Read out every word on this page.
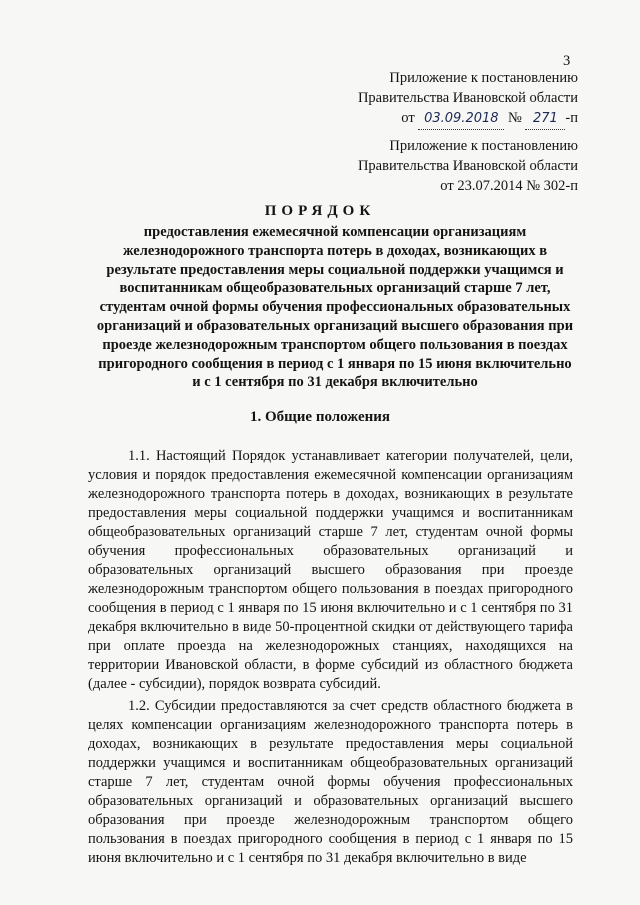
3
Приложение к постановлению
Правительства Ивановской области
от 03.09.2018 № 271 -п
Приложение к постановлению
Правительства Ивановской области
от 23.07.2014 № 302-п
ПОРЯДОК
предоставления ежемесячной компенсации организациям железнодорожного транспорта потерь в доходах, возникающих в результате предоставления меры социальной поддержки учащимся и воспитанникам общеобразовательных организаций старше 7 лет, студентам очной формы обучения профессиональных образовательных организаций и образовательных организаций высшего образования при проезде железнодорожным транспортом общего пользования в поездах пригородного сообщения в период с 1 января по 15 июня включительно и с 1 сентября по 31 декабря включительно
1. Общие положения

1.1. Настоящий Порядок устанавливает категории получателей, цели, условия и порядок предоставления ежемесячной компенсации организациям железнодорожного транспорта потерь в доходах, возникающих в результате предоставления меры социальной поддержки учащимся и воспитанникам общеобразовательных организаций старше 7 лет, студентам очной формы обучения профессиональных образовательных организаций и образовательных организаций высшего образования при проезде железнодорожным транспортом общего пользования в поездах пригородного сообщения в период с 1 января по 15 июня включительно и с 1 сентября по 31 декабря включительно в виде 50-процентной скидки от действующего тарифа при оплате проезда на железнодорожных станциях, находящихся на территории Ивановской области, в форме субсидий из областного бюджета (далее - субсидии), порядок возврата субсидий.

1.2. Субсидии предоставляются за счет средств областного бюджета в целях компенсации организациям железнодорожного транспорта потерь в доходах, возникающих в результате предоставления меры социальной поддержки учащимся и воспитанникам общеобразовательных организаций старше 7 лет, студентам очной формы обучения профессиональных образовательных организаций и образовательных организаций высшего образования при проезде железнодорожным транспортом общего пользования в поездах пригородного сообщения в период с 1 января по 15 июня включительно и с 1 сентября по 31 декабря включительно в виде
